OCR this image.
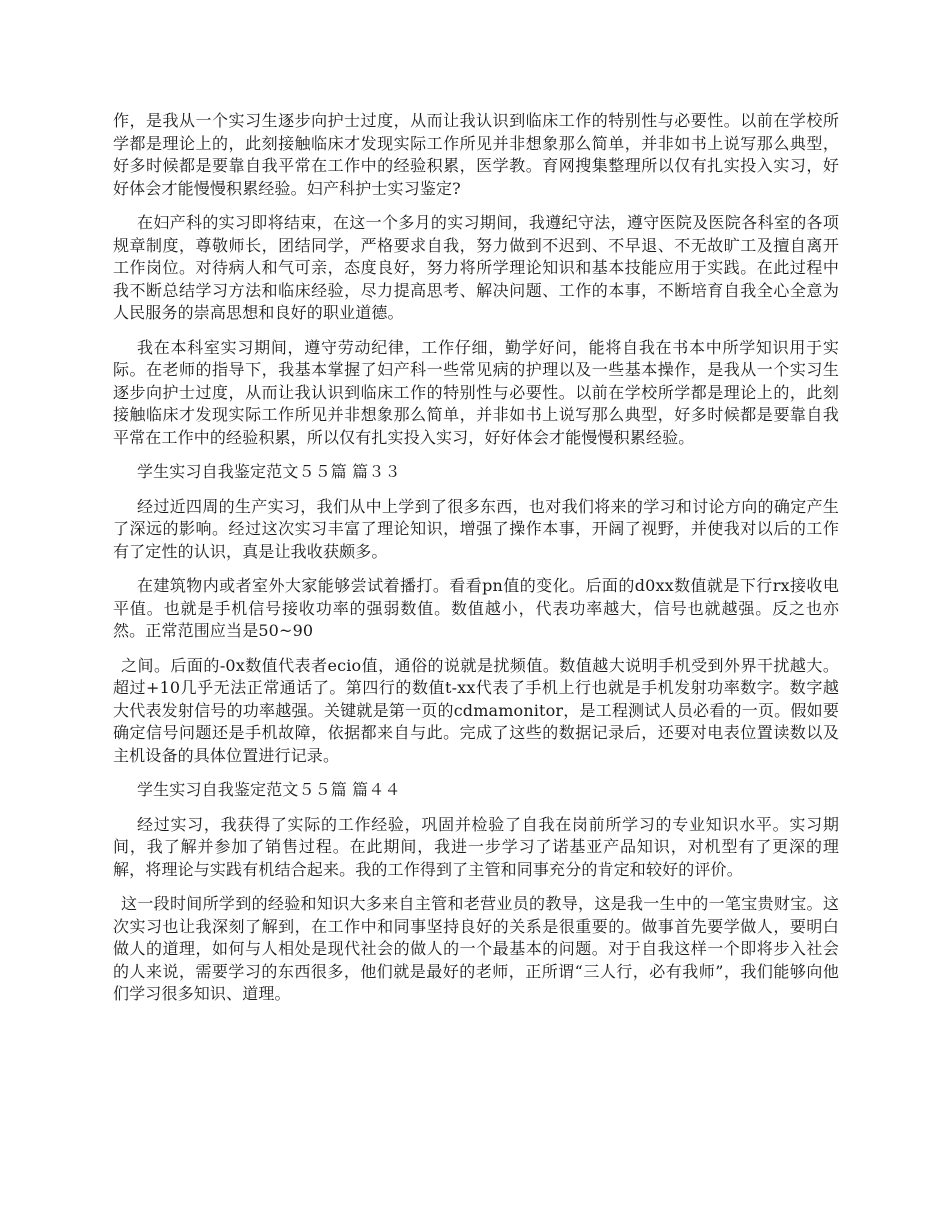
作，是我从一个实习生逐步向护士过度，从而让我认识到临床工作的特别性与必要性。以前在学校所学都是理论上的，此刻接触临床才发现实际工作所见并非想象那么简单，并非如书上说写那么典型，好多时候都是要靠自我平常在工作中的经验积累，医学教。育网搜集整理所以仅有扎实投入实习，好好体会才能慢慢积累经验。妇产科护士实习鉴定?

在妇产科的实习即将结束，在这一个多月的实习期间，我遵纪守法，遵守医院及医院各科室的各项规章制度，尊敬师长，团结同学，严格要求自我，努力做到不迟到、不早退、不无故旷工及擅自离开工作岗位。对待病人和气可亲，态度良好，努力将所学理论知识和基本技能应用于实践。在此过程中我不断总结学习方法和临床经验，尽力提高思考、解决问题、工作的本事，不断培育自我全心全意为人民服务的崇高思想和良好的职业道德。

我在本科室实习期间，遵守劳动纪律，工作仔细，勤学好问，能将自我在书本中所学知识用于实际。在老师的指导下，我基本掌握了妇产科一些常见病的护理以及一些基本操作，是我从一个实习生逐步向护士过度，从而让我认识到临床工作的特别性与必要性。以前在学校所学都是理论上的，此刻接触临床才发现实际工作所见并非想象那么简单，并非如书上说写那么典型，好多时候都是要靠自我平常在工作中的经验积累，所以仅有扎实投入实习，好好体会才能慢慢积累经验。

学生实习自我鉴定范文５５篇 篇３３

经过近四周的生产实习，我们从中上学到了很多东西，也对我们将来的学习和讨论方向的确定产生了深远的影响。经过这次实习丰富了理论知识，增强了操作本事，开阔了视野，并使我对以后的工作有了定性的认识，真是让我收获颇多。

在建筑物内或者室外大家能够尝试着播打。看看pn值的变化。后面的d0xx数值就是下行rx接收电平值。也就是手机信号接收功率的强弱数值。数值越小，代表功率越大，信号也就越强。反之也亦然。正常范围应当是50~90

之间。后面的-0x数值代表者ecio值，通俗的说就是扰频值。数值越大说明手机受到外界干扰越大。超过+10几乎无法正常通话了。第四行的数值t-xx代表了手机上行也就是手机发射功率数字。数字越大代表发射信号的功率越强。关键就是第一页的cdmamonitor，是工程测试人员必看的一页。假如要确定信号问题还是手机故障，依据都来自与此。完成了这些的数据记录后，还要对电表位置读数以及主机设备的具体位置进行记录。

学生实习自我鉴定范文５５篇 篇４４

经过实习，我获得了实际的工作经验，巩固并检验了自我在岗前所学习的专业知识水平。实习期间，我了解并参加了销售过程。在此期间，我进一步学习了诺基亚产品知识，对机型有了更深的理解，将理论与实践有机结合起来。我的工作得到了主管和同事充分的肯定和较好的评价。

这一段时间所学到的经验和知识大多来自主管和老营业员的教导，这是我一生中的一笔宝贵财宝。这次实习也让我深刻了解到，在工作中和同事坚持良好的关系是很重要的。做事首先要学做人，要明白做人的道理，如何与人相处是现代社会的做人的一个最基本的问题。对于自我这样一个即将步入社会的人来说，需要学习的东西很多，他们就是最好的老师，正所谓“三人行，必有我师”，我们能够向他们学习很多知识、道理。
